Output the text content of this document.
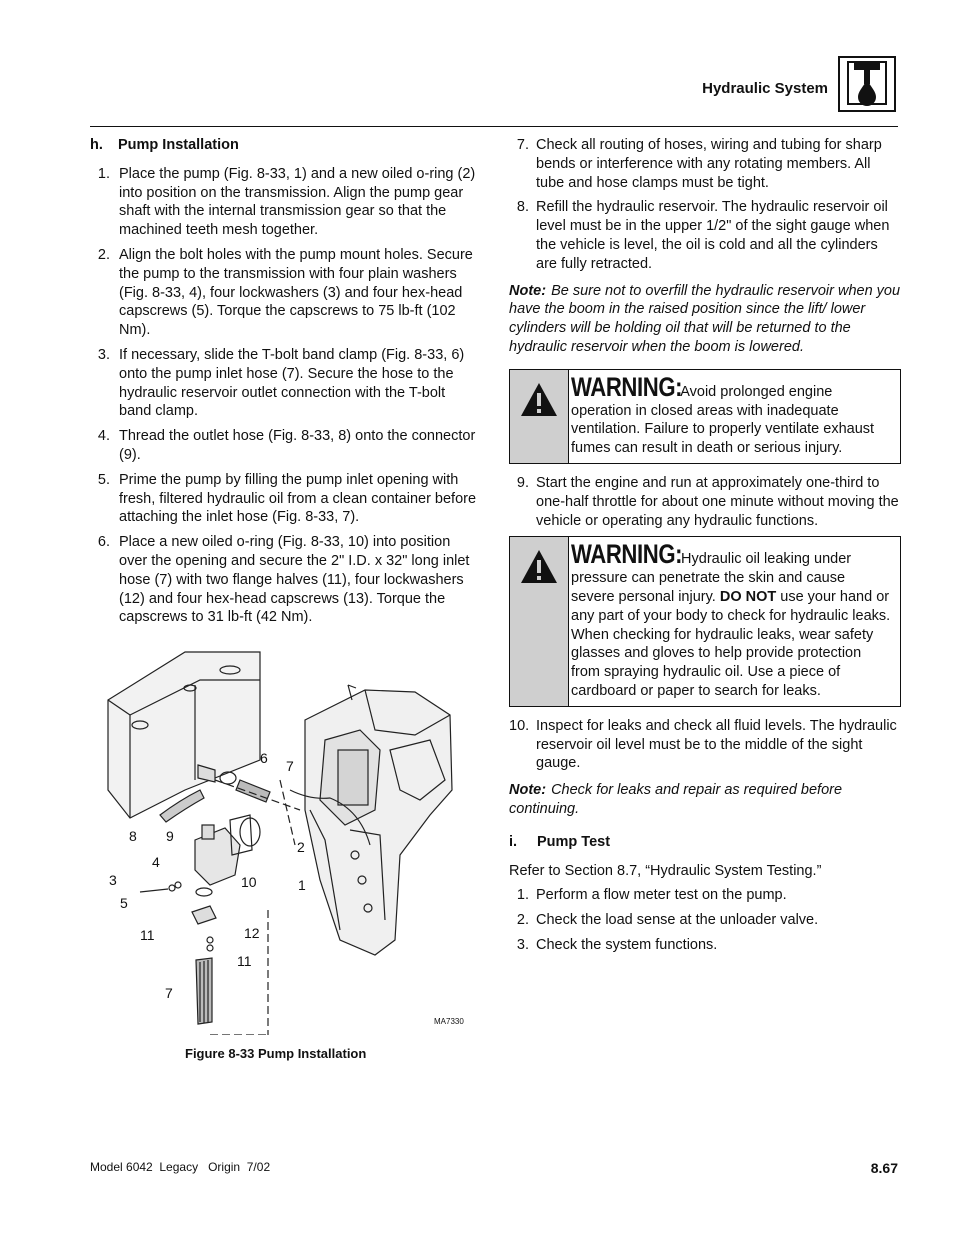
Hydraulic System
h. Pump Installation
1. Place the pump (Fig. 8-33, 1) and a new oiled o-ring (2) into position on the transmission. Align the pump gear shaft with the internal transmission gear so that the machined teeth mesh together.
2. Align the bolt holes with the pump mount holes. Secure the pump to the transmission with four plain washers (Fig. 8-33, 4), four lockwashers (3) and four hex-head capscrews (5). Torque the capscrews to 75 lb-ft (102 Nm).
3. If necessary, slide the T-bolt band clamp (Fig. 8-33, 6) onto the pump inlet hose (7). Secure the hose to the hydraulic reservoir outlet connection with the T-bolt band clamp.
4. Thread the outlet hose (Fig. 8-33, 8) onto the connector (9).
5. Prime the pump by filling the pump inlet opening with fresh, filtered hydraulic oil from a clean container before attaching the inlet hose (Fig. 8-33, 7).
6. Place a new oiled o-ring (Fig. 8-33, 10) into position over the opening and secure the 2" I.D. x 32" long inlet hose (7) with two flange halves (11), four lockwashers (12) and four hex-head capscrews (13). Torque the capscrews to 31 lb-ft (42 Nm).
6 7
8 9
2
4
3	10	1
5
11	12
11
7
MA7330
Figure 8-33 Pump Installation
7. Check all routing of hoses, wiring and tubing for sharp bends or interference with any rotating members. All tube and hose clamps must be tight.
8. Refill the hydraulic reservoir. The hydraulic reservoir oil level must be in the upper 1/2" of the sight gauge when the vehicle is level, the oil is cold and all the cylinders are fully retracted.
Note: Be sure not to overfill the hydraulic reservoir when you have the boom in the raised position since the lift/ lower cylinders will be holding oil that will be returned to the hydraulic reservoir when the boom is lowered.
WARNING: Avoid prolonged engine operation in closed areas with inadequate ventilation. Failure to properly ventilate exhaust fumes can result in death or serious injury.
9. Start the engine and run at approximately one-third to one-half throttle for about one minute without moving the vehicle or operating any hydraulic functions.
WARNING: Hydraulic oil leaking under pressure can penetrate the skin and cause severe personal injury. DO NOT use your hand or any part of your body to check for hydraulic leaks. When checking for hydraulic leaks, wear safety glasses and gloves to help provide protection from spraying hydraulic oil. Use a piece of cardboard or paper to search for leaks.
10. Inspect for leaks and check all fluid levels. The hydraulic reservoir oil level must be to the middle of the sight gauge.
Note: Check for leaks and repair as required before continuing.
i. Pump Test
Refer to Section 8.7, “Hydraulic System Testing.”
1. Perform a flow meter test on the pump.
2. Check the load sense at the unloader valve.
3. Check the system functions.
Model 6042  Legacy   Origin  7/02	8.67
